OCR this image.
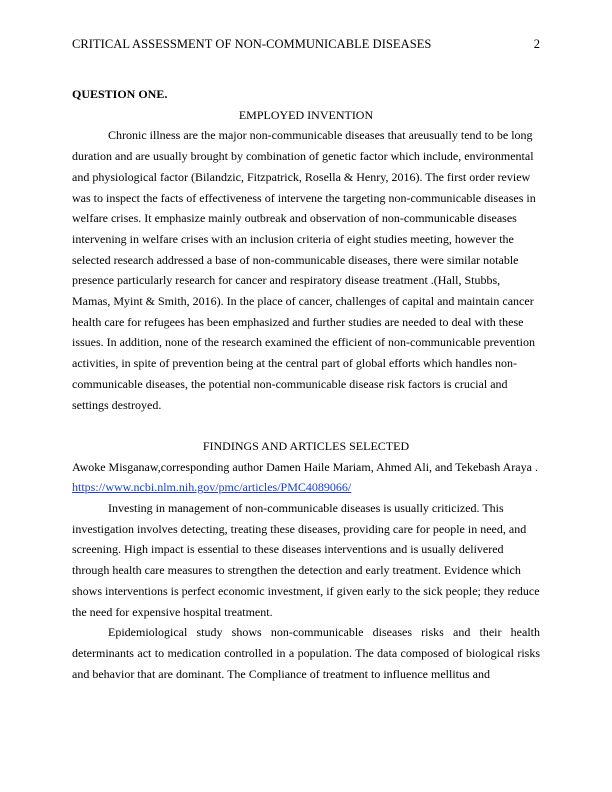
CRITICAL ASSESSMENT OF NON-COMMUNICABLE DISEASES	2

QUESTION ONE.

EMPLOYED INVENTION

Chronic illness are the major non-communicable diseases that areusually tend to be long duration and are usually brought by combination of genetic factor which include, environmental and physiological factor (Bilandzic, Fitzpatrick, Rosella & Henry, 2016). The first order review was to inspect the facts of effectiveness of intervene the targeting non-communicable diseases in welfare crises. It emphasize mainly outbreak and observation of non-communicable diseases intervening in welfare crises with an inclusion criteria of eight studies meeting, however the selected research addressed a base of non-communicable diseases, there were similar notable presence particularly research for cancer and respiratory disease treatment .(Hall, Stubbs, Mamas, Myint & Smith, 2016). In the place of cancer, challenges of capital and maintain cancer health care for refugees has been emphasized and further studies are needed to deal with these issues. In addition, none of the research examined the efficient of non-communicable prevention activities, in spite of prevention being at the central part of global efforts which handles non-communicable diseases, the potential non-communicable disease risk factors is crucial and settings destroyed.

FINDINGS AND ARTICLES SELECTED

Awoke Misganaw,corresponding author Damen Haile Mariam, Ahmed Ali, and Tekebash Araya .

https://www.ncbi.nlm.nih.gov/pmc/articles/PMC4089066/

Investing in management of non-communicable diseases is usually criticized. This investigation involves detecting, treating these diseases, providing care for people in need, and screening. High impact is essential to these diseases interventions and is usually delivered through health care measures to strengthen the detection and early treatment. Evidence which shows interventions is perfect economic investment, if given early to the sick people; they reduce the need for expensive hospital treatment.

Epidemiological study shows non-communicable diseases risks and their health determinants act to medication controlled in a population. The data composed of biological risks and behavior that are dominant. The Compliance of treatment to influence mellitus and
